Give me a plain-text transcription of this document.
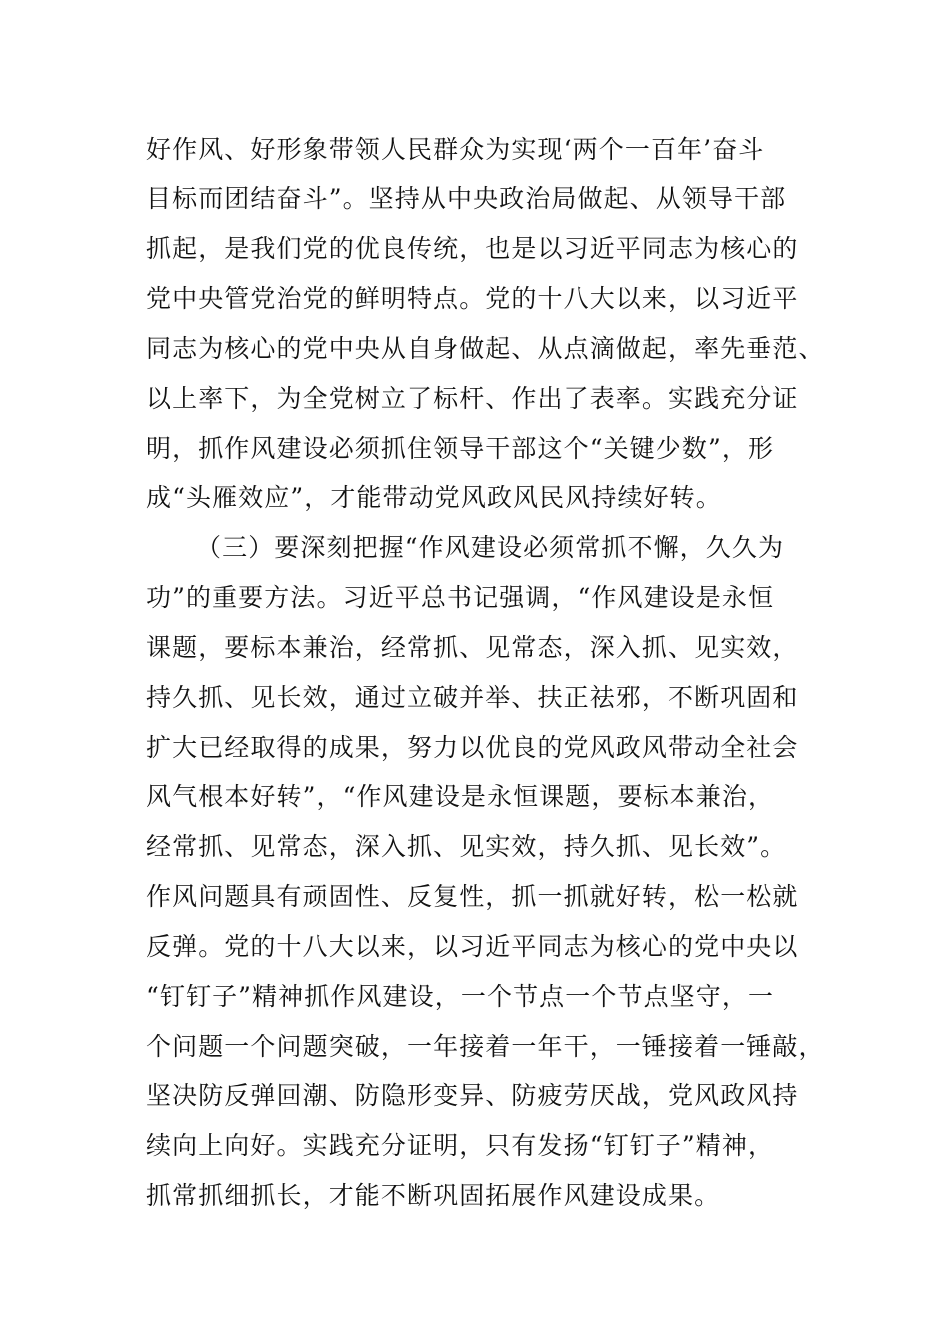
好作风、好形象带领人民群众为实现‘两个一百年’奋斗
目标而团结奋斗”。坚持从中央政治局做起、从领导干部
抓起，是我们党的优良传统，也是以习近平同志为核心的
党中央管党治党的鲜明特点。党的十八大以来，以习近平
同志为核心的党中央从自身做起、从点滴做起，率先垂范、
以上率下，为全党树立了标杆、作出了表率。实践充分证
明，抓作风建设必须抓住领导干部这个“关键少数”，形
成“头雁效应”，才能带动党风政风民风持续好转。
（三）要深刻把握“作风建设必须常抓不懈，久久为
功”的重要方法。习近平总书记强调，“作风建设是永恒
课题，要标本兼治，经常抓、见常态，深入抓、见实效，
持久抓、见长效，通过立破并举、扶正祛邪，不断巩固和
扩大已经取得的成果，努力以优良的党风政风带动全社会
风气根本好转”，“作风建设是永恒课题，要标本兼治，
经常抓、见常态，深入抓、见实效，持久抓、见长效”。
作风问题具有顽固性、反复性，抓一抓就好转，松一松就
反弹。党的十八大以来，以习近平同志为核心的党中央以
“钉钉子”精神抓作风建设，一个节点一个节点坚守，一
个问题一个问题突破，一年接着一年干，一锤接着一锤敲，
坚决防反弹回潮、防隐形变异、防疲劳厌战，党风政风持
续向上向好。实践充分证明，只有发扬“钉钉子”精神，
抓常抓细抓长，才能不断巩固拓展作风建设成果。
